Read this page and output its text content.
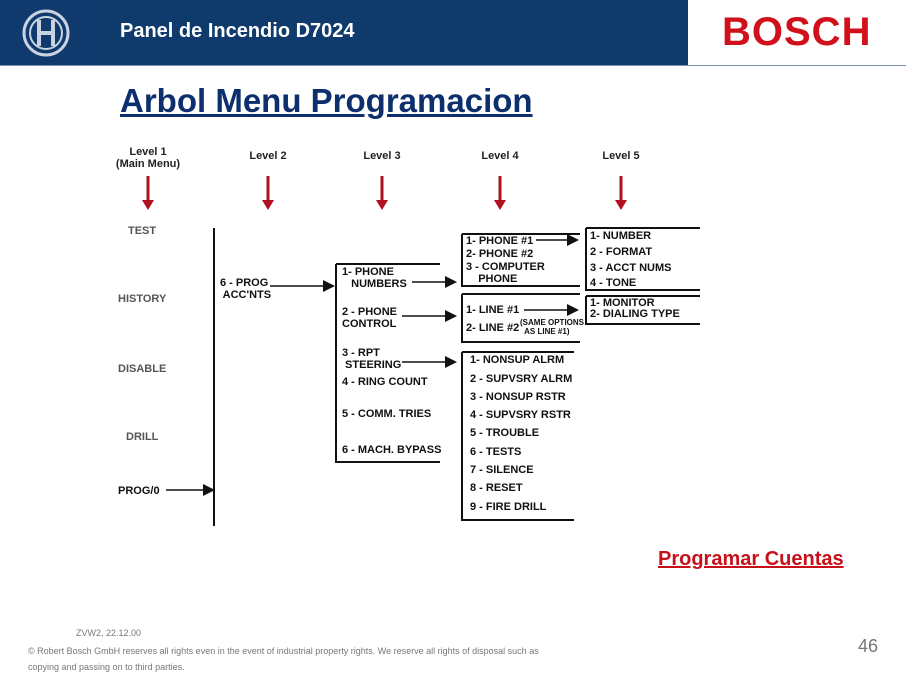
Panel de Incendio D7024	BOSCH
Arbol Menu Programacion
Level 1
(Main Menu)
Level 2	Level 3	Level 4	Level 5
TEST
HISTORY
DISABLE
DRILL
PROG/0
6 - PROG
ACC'NTS
1- PHONE
NUMBERS
2 - PHONE
CONTROL
3 - RPT
STEERING
4 - RING COUNT
5 - COMM. TRIES
6 - MACH. BYPASS
1- PHONE #1
2- PHONE #2
3 - COMPUTER
PHONE
1- LINE #1
2- LINE #2 (SAME OPTIONS
AS LINE #1)
1- NONSUP ALRM
2 - SUPVSRY ALRM
3 - NONSUP RSTR
4 - SUPVSRY RSTR
5 - TROUBLE
6 - TESTS
7 - SILENCE
8 - RESET
9 - FIRE DRILL
1- NUMBER
2 - FORMAT
3 - ACCT NUMS
4 - TONE
1- MONITOR
2- DIALING TYPE
Programar Cuentas
ZVW2, 22.12.00
© Robert Bosch GmbH reserves all rights even in the event of industrial property rights. We reserve all rights of disposal such as
copying and passing on to third parties.
46
